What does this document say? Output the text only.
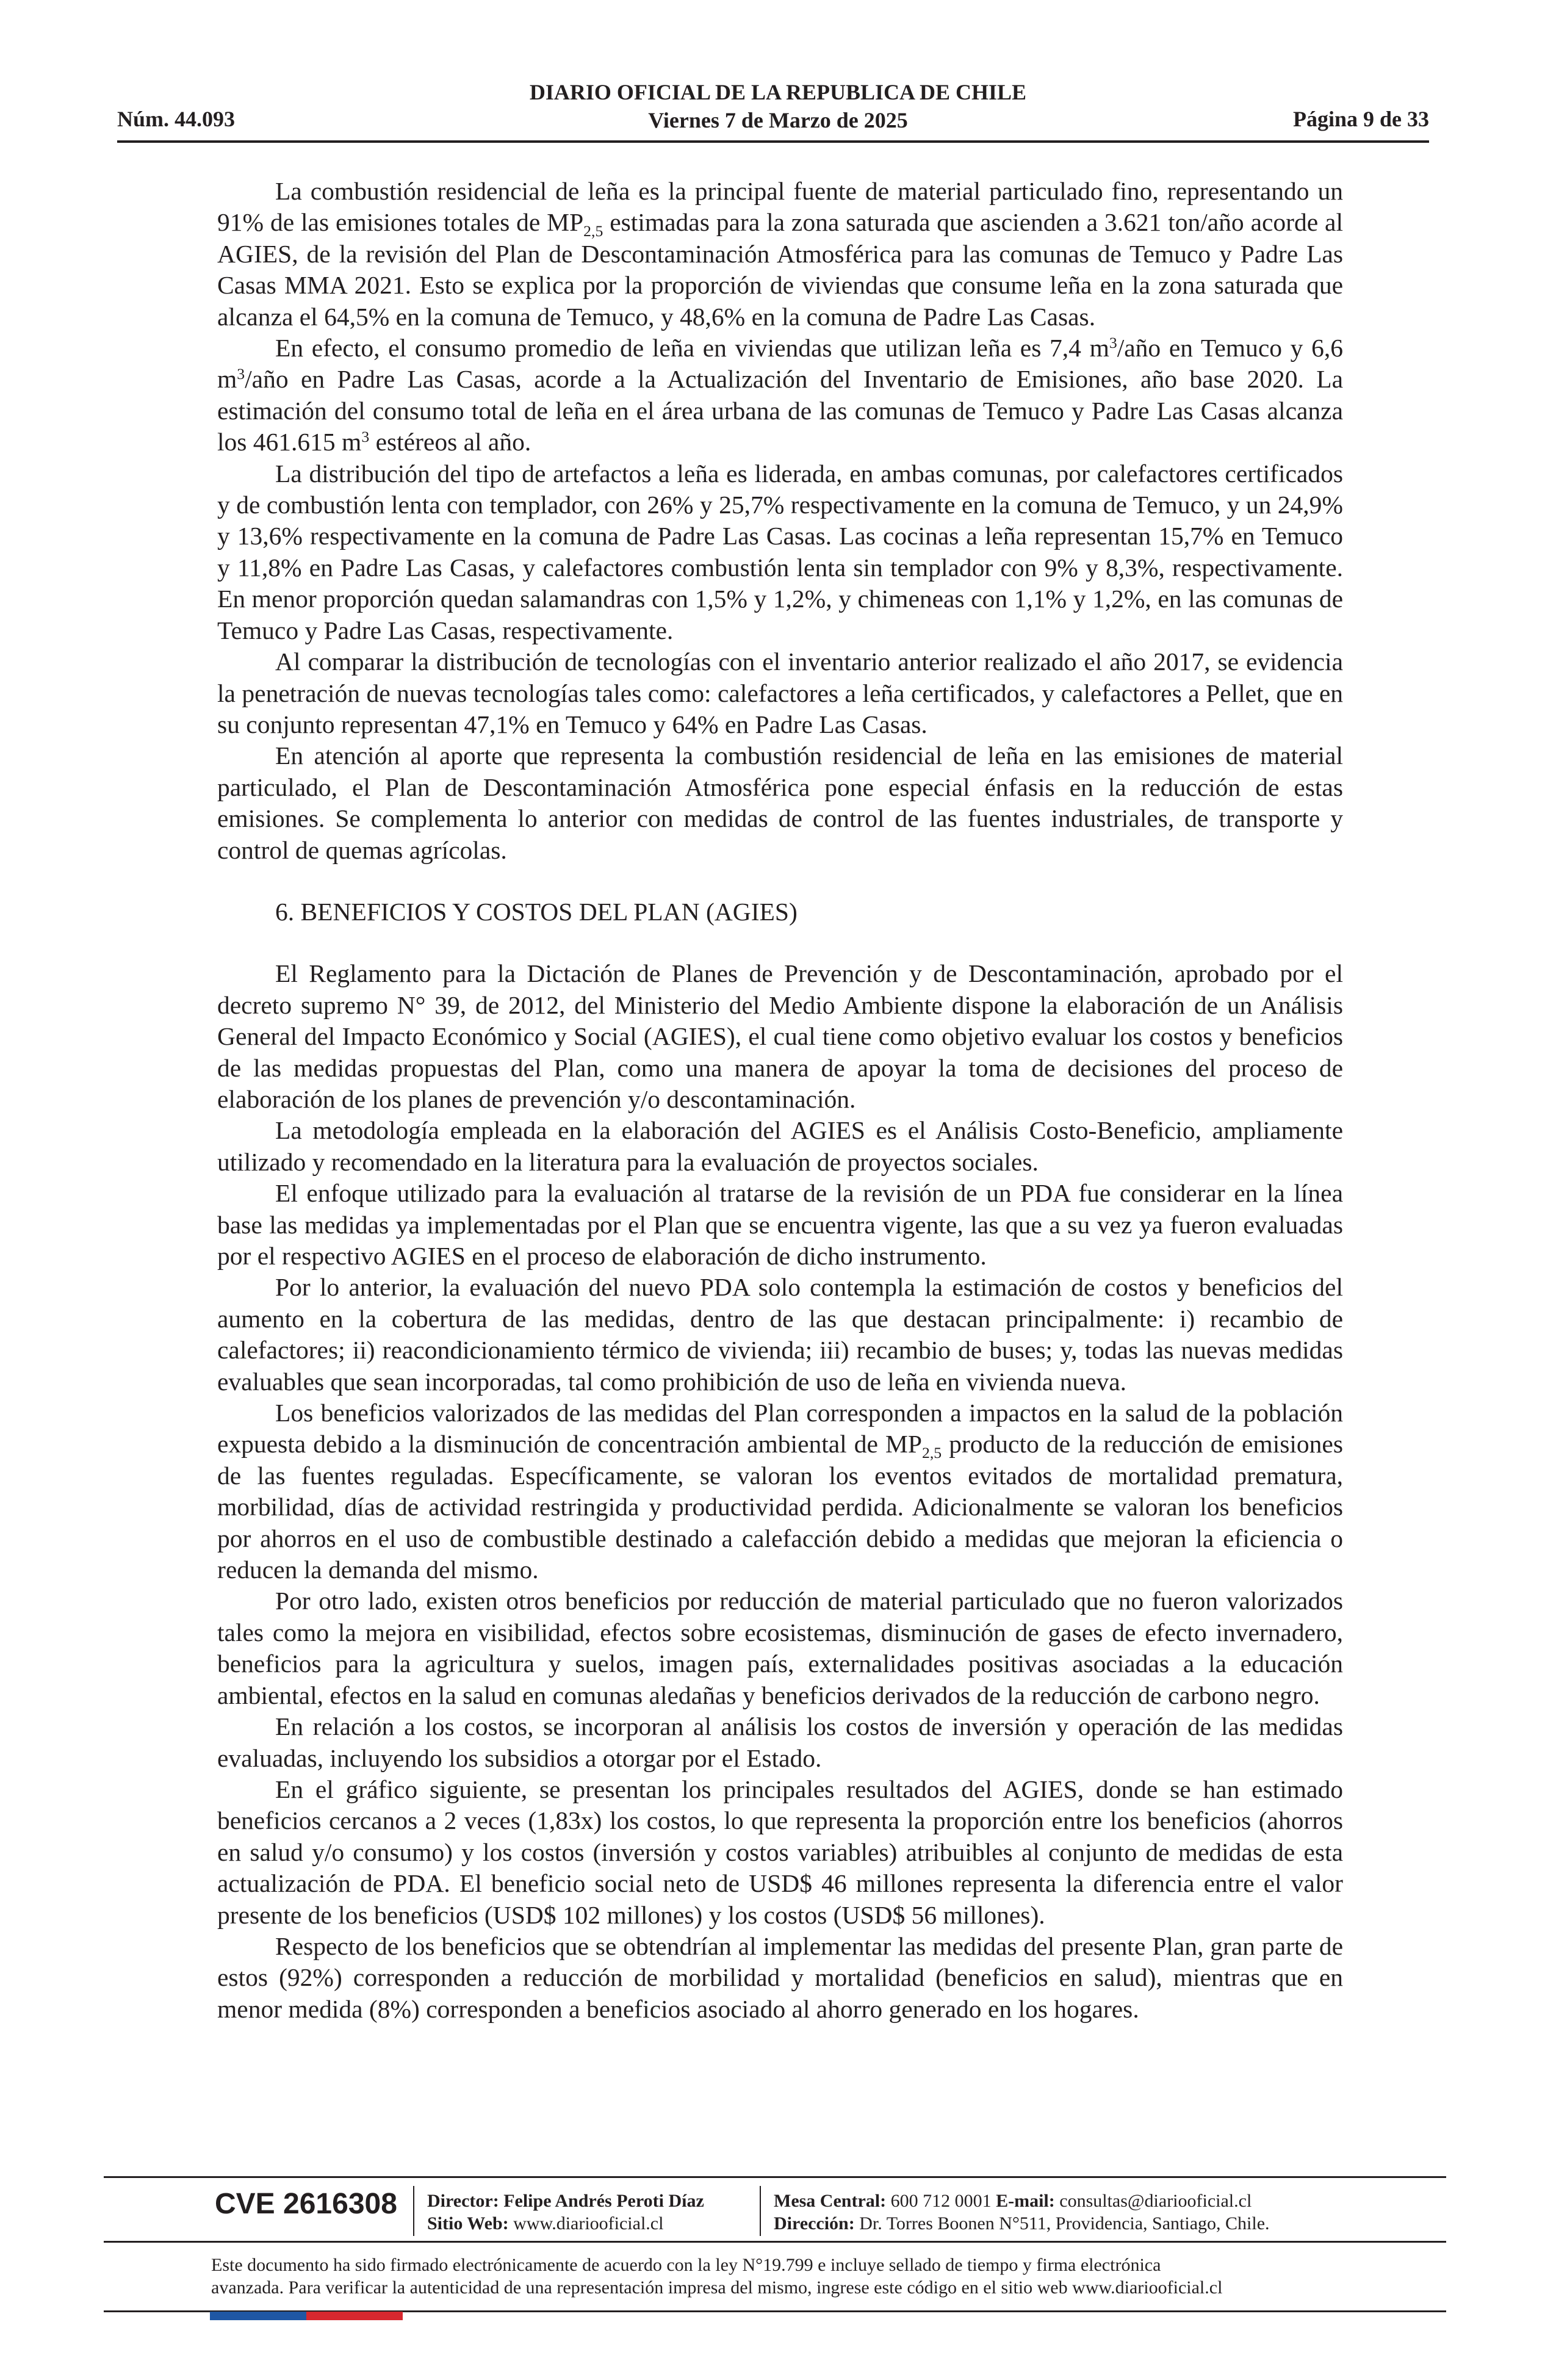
DIARIO OFICIAL DE LA REPUBLICA DE CHILE
Viernes 7 de Marzo de 2025
Núm. 44.093	Página 9 de 33

La combustión residencial de leña es la principal fuente de material particulado fino, representando un 91% de las emisiones totales de $MP_{2,5}$ estimadas para la zona saturada que ascienden a 3.621 ton/año acorde al AGIES, de la revisión del Plan de Descontaminación Atmosférica para las comunas de Temuco y Padre Las Casas MMA 2021. Esto se explica por la proporción de viviendas que consume leña en la zona saturada que alcanza el 64,5% en la comuna de Temuco, y 48,6% en la comuna de Padre Las Casas.

En efecto, el consumo promedio de leña en viviendas que utilizan leña es 7,4 $m^3$/año en Temuco y 6,6 $m^3$/año en Padre Las Casas, acorde a la Actualización del Inventario de Emisiones, año base 2020. La estimación del consumo total de leña en el área urbana de las comunas de Temuco y Padre Las Casas alcanza los 461.615 $m^3$ estéreos al año.

La distribución del tipo de artefactos a leña es liderada, en ambas comunas, por calefactores certificados y de combustión lenta con templador, con 26% y 25,7% respectivamente en la comuna de Temuco, y un 24,9% y 13,6% respectivamente en la comuna de Padre Las Casas. Las cocinas a leña representan 15,7% en Temuco y 11,8% en Padre Las Casas, y calefactores combustión lenta sin templador con 9% y 8,3%, respectivamente. En menor proporción quedan salamandras con 1,5% y 1,2%, y chimeneas con 1,1% y 1,2%, en las comunas de Temuco y Padre Las Casas, respectivamente.

Al comparar la distribución de tecnologías con el inventario anterior realizado el año 2017, se evidencia la penetración de nuevas tecnologías tales como: calefactores a leña certificados, y calefactores a Pellet, que en su conjunto representan 47,1% en Temuco y 64% en Padre Las Casas.

En atención al aporte que representa la combustión residencial de leña en las emisiones de material particulado, el Plan de Descontaminación Atmosférica pone especial énfasis en la reducción de estas emisiones. Se complementa lo anterior con medidas de control de las fuentes industriales, de transporte y control de quemas agrícolas.

6. BENEFICIOS Y COSTOS DEL PLAN (AGIES)

El Reglamento para la Dictación de Planes de Prevención y de Descontaminación, aprobado por el decreto supremo N° 39, de 2012, del Ministerio del Medio Ambiente dispone la elaboración de un Análisis General del Impacto Económico y Social (AGIES), el cual tiene como objetivo evaluar los costos y beneficios de las medidas propuestas del Plan, como una manera de apoyar la toma de decisiones del proceso de elaboración de los planes de prevención y/o descontaminación.

La metodología empleada en la elaboración del AGIES es el Análisis Costo-Beneficio, ampliamente utilizado y recomendado en la literatura para la evaluación de proyectos sociales.

El enfoque utilizado para la evaluación al tratarse de la revisión de un PDA fue considerar en la línea base las medidas ya implementadas por el Plan que se encuentra vigente, las que a su vez ya fueron evaluadas por el respectivo AGIES en el proceso de elaboración de dicho instrumento.

Por lo anterior, la evaluación del nuevo PDA solo contempla la estimación de costos y beneficios del aumento en la cobertura de las medidas, dentro de las que destacan principalmente: i) recambio de calefactores; ii) reacondicionamiento térmico de vivienda; iii) recambio de buses; y, todas las nuevas medidas evaluables que sean incorporadas, tal como prohibición de uso de leña en vivienda nueva.

Los beneficios valorizados de las medidas del Plan corresponden a impactos en la salud de la población expuesta debido a la disminución de concentración ambiental de $MP_{2,5}$ producto de la reducción de emisiones de las fuentes reguladas. Específicamente, se valoran los eventos evitados de mortalidad prematura, morbilidad, días de actividad restringida y productividad perdida. Adicionalmente se valoran los beneficios por ahorros en el uso de combustible destinado a calefacción debido a medidas que mejoran la eficiencia o reducen la demanda del mismo.

Por otro lado, existen otros beneficios por reducción de material particulado que no fueron valorizados tales como la mejora en visibilidad, efectos sobre ecosistemas, disminución de gases de efecto invernadero, beneficios para la agricultura y suelos, imagen país, externalidades positivas asociadas a la educación ambiental, efectos en la salud en comunas aledañas y beneficios derivados de la reducción de carbono negro.

En relación a los costos, se incorporan al análisis los costos de inversión y operación de las medidas evaluadas, incluyendo los subsidios a otorgar por el Estado.

En el gráfico siguiente, se presentan los principales resultados del AGIES, donde se han estimado beneficios cercanos a 2 veces (1,83x) los costos, lo que representa la proporción entre los beneficios (ahorros en salud y/o consumo) y los costos (inversión y costos variables) atribuibles al conjunto de medidas de esta actualización de PDA. El beneficio social neto de USD$ 46 millones representa la diferencia entre el valor presente de los beneficios (USD$ 102 millones) y los costos (USD$ 56 millones).

Respecto de los beneficios que se obtendrían al implementar las medidas del presente Plan, gran parte de estos (92%) corresponden a reducción de morbilidad y mortalidad (beneficios en salud), mientras que en menor medida (8%) corresponden a beneficios asociado al ahorro generado en los hogares.

CVE 2616308 Director: Felipe Andrés Peroti Díaz
Sitio Web: www.diariooficial.cl
Mesa Central: 600 712 0001 E-mail: consultas@diariooficial.cl
Dirección: Dr. Torres Boonen N°511, Providencia, Santiago, Chile.
Este documento ha sido firmado electrónicamente de acuerdo con la ley N°19.799 e incluye sellado de tiempo y firma electrónica
avanzada. Para verificar la autenticidad de una representación impresa del mismo, ingrese este código en el sitio web www.diariooficial.cl
